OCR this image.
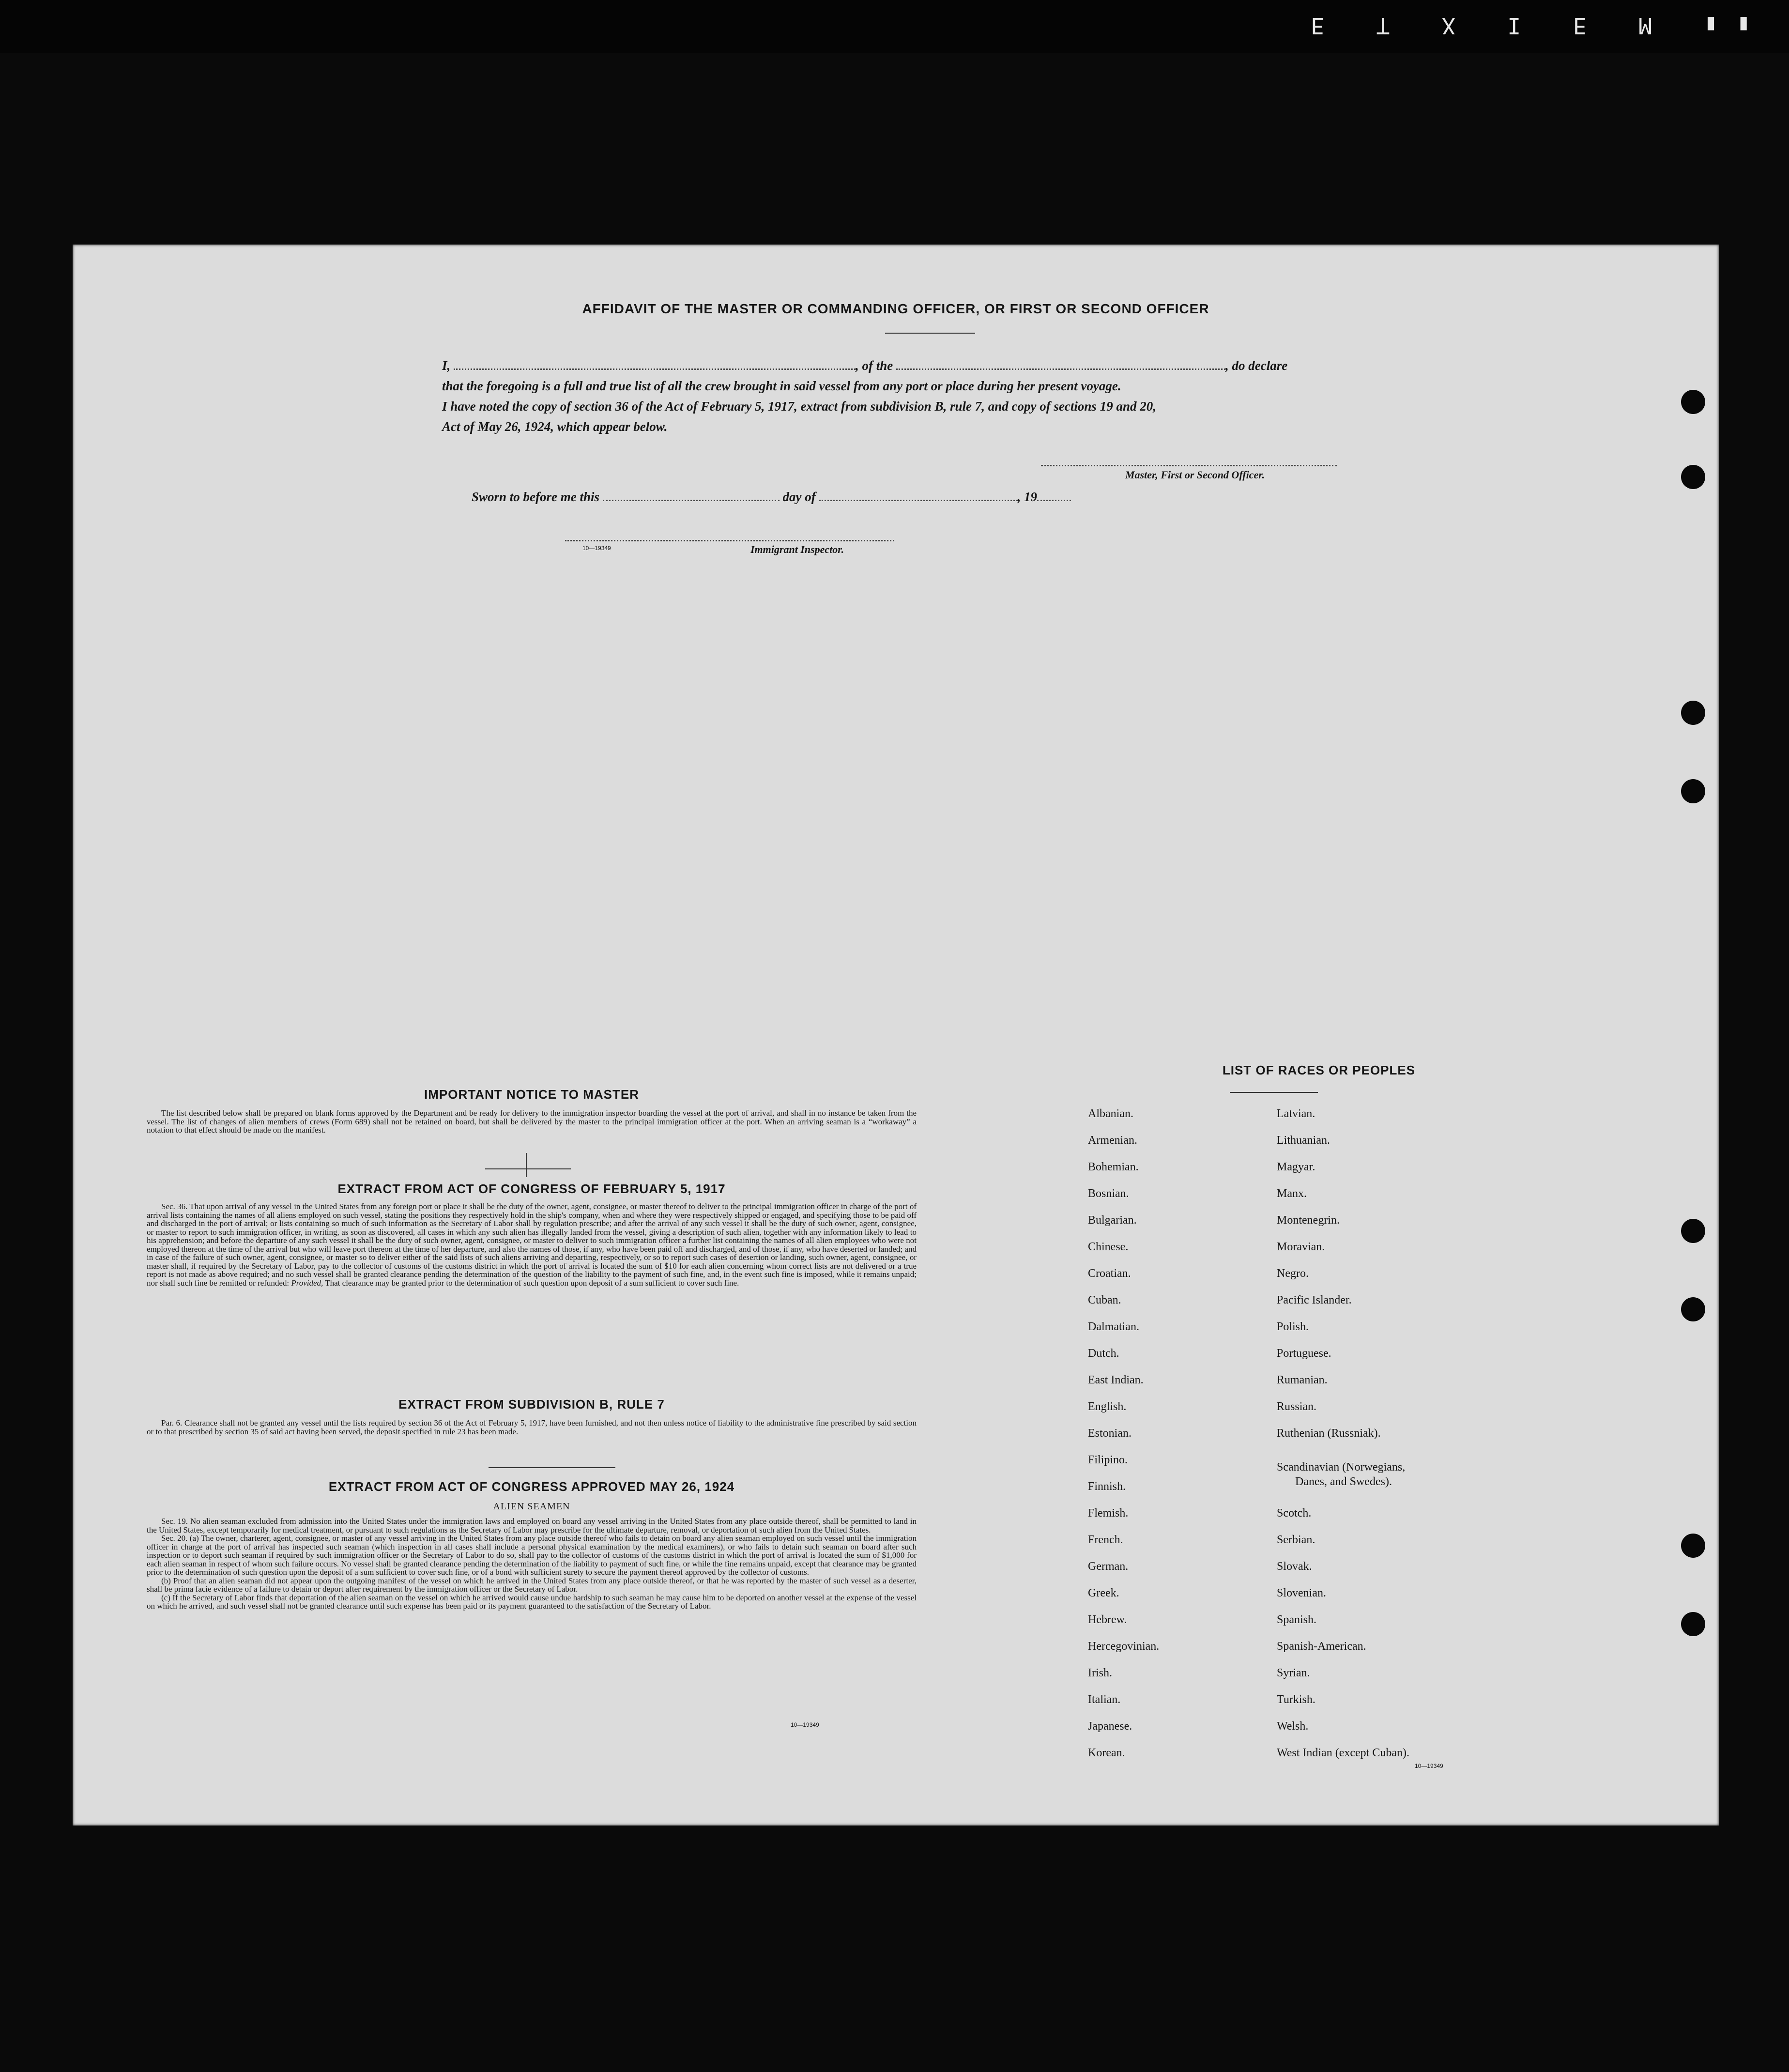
E T X I E M ▮▮
AFFIDAVIT OF THE MASTER OR COMMANDING OFFICER, OR FIRST OR SECOND OFFICER
I,	, of the	, do declare
that the foregoing is a full and true list of all the crew brought in said vessel from any port or place during her present voyage.
I have noted the copy of section 36 of the Act of February 5, 1917, extract from subdivision B, rule 7, and copy of sections 19 and 20,
Act of May 26, 1924, which appear below.
Master, First or Second Officer.
Sworn to before me this	day of	, 19
10—19349	Immigrant Inspector.
IMPORTANT NOTICE TO MASTER
The list described below shall be prepared on blank forms approved by the Department and be ready for delivery to the immigration inspector boarding the vessel at the port of arrival, and shall in no instance be taken from the vessel. The list of changes of alien members of crews (Form 689) shall not be retained on board, but shall be delivered by the master to the principal immigration officer at the port. When an arriving seaman is a “workaway” a notation to that effect should be made on the manifest.
EXTRACT FROM ACT OF CONGRESS OF FEBRUARY 5, 1917
Sec. 36. That upon arrival of any vessel in the United States from any foreign port or place it shall be the duty of the owner, agent, consignee, or master thereof to deliver to the principal immigration officer in charge of the port of arrival lists containing the names of all aliens employed on such vessel, stating the positions they respectively hold in the ship's company, when and where they were respectively shipped or engaged, and specifying those to be paid off and discharged in the port of arrival; or lists containing so much of such information as the Secretary of Labor shall by regulation prescribe; and after the arrival of any such vessel it shall be the duty of such owner, agent, consignee, or master to report to such immigration officer, in writing, as soon as discovered, all cases in which any such alien has illegally landed from the vessel, giving a description of such alien, together with any information likely to lead to his apprehension; and before the departure of any such vessel it shall be the duty of such owner, agent, consignee, or master to deliver to such immigration officer a further list containing the names of all alien employees who were not employed thereon at the time of the arrival but who will leave port thereon at the time of her departure, and also the names of those, if any, who have been paid off and discharged, and of those, if any, who have deserted or landed; and in case of the failure of such owner, agent, consignee, or master so to deliver either of the said lists of such aliens arriving and departing, respectively, or so to report such cases of desertion or landing, such owner, agent, consignee, or master shall, if required by the Secretary of Labor, pay to the collector of customs of the customs district in which the port of arrival is located the sum of $10 for each alien concerning whom correct lists are not delivered or a true report is not made as above required; and no such vessel shall be granted clearance pending the determination of the question of the liability to the payment of such fine, and, in the event such fine is imposed, while it remains unpaid; nor shall such fine be remitted or refunded: Provided, That clearance may be granted prior to the determination of such question upon deposit of a sum sufficient to cover such fine.
EXTRACT FROM SUBDIVISION B, RULE 7
Par. 6. Clearance shall not be granted any vessel until the lists required by section 36 of the Act of February 5, 1917, have been furnished, and not then unless notice of liability to the administrative fine prescribed by said section or to that prescribed by section 35 of said act having been served, the deposit specified in rule 23 has been made.
EXTRACT FROM ACT OF CONGRESS APPROVED MAY 26, 1924
ALIEN SEAMEN

Sec. 19. No alien seaman excluded from admission into the United States under the immigration laws and employed on board any vessel arriving in the United States from any place outside thereof, shall be permitted to land in the United States, except temporarily for medical treatment, or pursuant to such regulations as the Secretary of Labor may prescribe for the ultimate departure, removal, or deportation of such alien from the United States.

Sec. 20. (a) The owner, charterer, agent, consignee, or master of any vessel arriving in the United States from any place outside thereof who fails to detain on board any alien seaman employed on such vessel until the immigration officer in charge at the port of arrival has inspected such seaman (which inspection in all cases shall include a personal physical examination by the medical examiners), or who fails to detain such seaman on board after such inspection or to deport such seaman if required by such immigration officer or the Secretary of Labor to do so, shall pay to the collector of customs of the customs district in which the port of arrival is located the sum of $1,000 for each alien seaman in respect of whom such failure occurs. No vessel shall be granted clearance pending the determination of the liability to payment of such fine, or while the fine remains unpaid, except that clearance may be granted prior to the determination of such question upon the deposit of a sum sufficient to cover such fine, or of a bond with sufficient surety to secure the payment thereof approved by the collector of customs.

(b) Proof that an alien seaman did not appear upon the outgoing manifest of the vessel on which he arrived in the United States from any place outside thereof, or that he was reported by the master of such vessel as a deserter, shall be prima facie evidence of a failure to detain or deport after requirement by the immigration officer or the Secretary of Labor.

(c) If the Secretary of Labor finds that deportation of the alien seaman on the vessel on which he arrived would cause undue hardship to such seaman he may cause him to be deported on another vessel at the expense of the vessel on which he arrived, and such vessel shall not be granted clearance until such expense has been paid or its payment guaranteed to the satisfaction of the Secretary of Labor.

10—19349
LIST OF RACES OR PEOPLES
Albanian.
Armenian.
Bohemian.
Bosnian.
Bulgarian.
Chinese.
Croatian.
Cuban.
Dalmatian.
Dutch.
East Indian.
English.
Estonian.
Filipino.
Finnish.
Flemish.
French.
German.
Greek.
Hebrew.
Hercegovinian.
Irish.
Italian.
Japanese.
Korean.
Latvian.
Lithuanian.
Magyar.
Manx.
Montenegrin.
Moravian.
Negro.
Pacific Islander.
Polish.
Portuguese.
Rumanian.
Russian.
Ruthenian (Russniak).
Scandinavian (Norwegians,
Danes, and Swedes).
Scotch.
Serbian.
Slovak.
Slovenian.
Spanish.
Spanish-American.
Syrian.
Turkish.
Welsh.
West Indian (except Cuban).
10—19349
